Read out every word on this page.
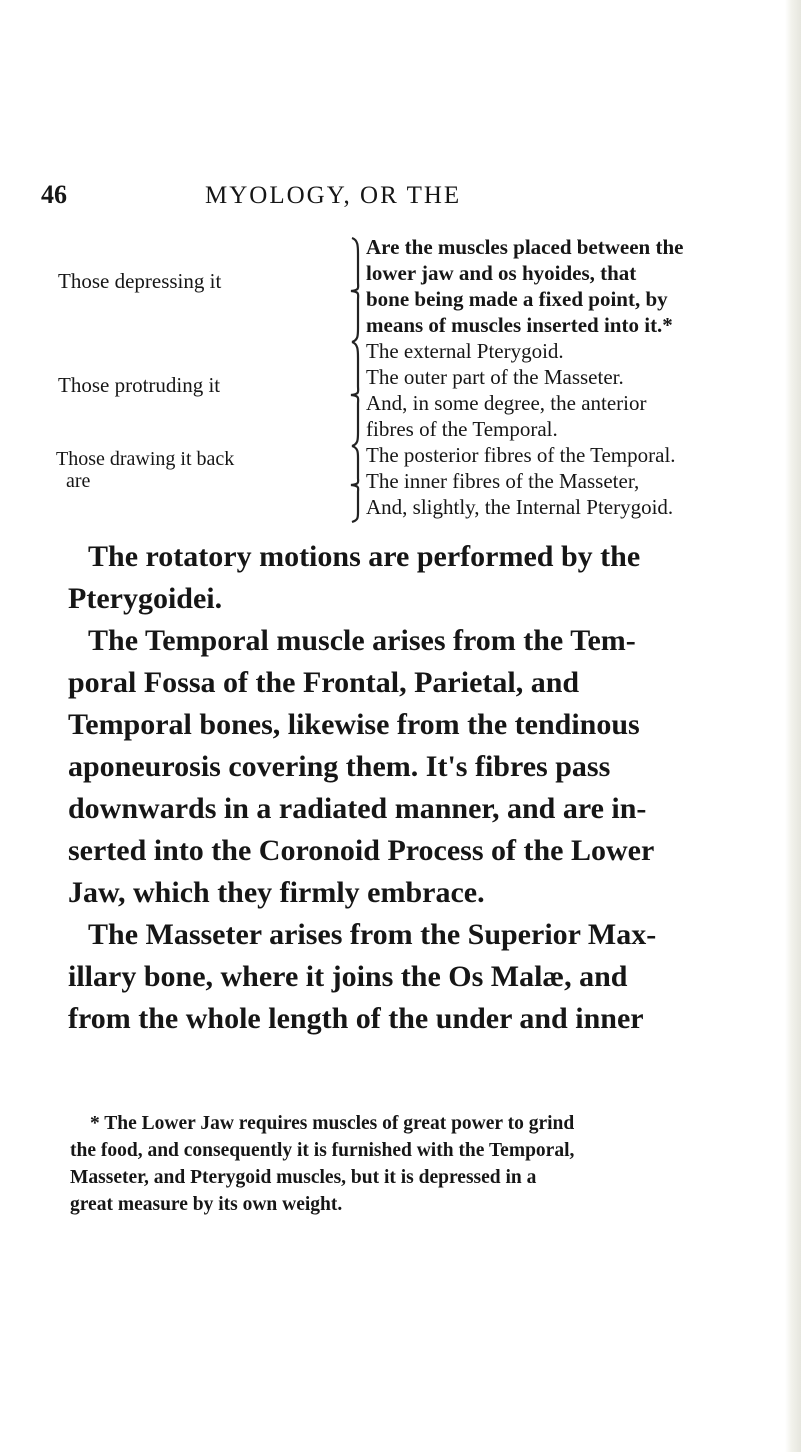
46	MYOLOGY, OR THE
Those depressing it
Are the muscles placed between the
lower jaw and os hyoides, that
bone being made a fixed point, by
means of muscles inserted into it.*
Those protruding it
The external Pterygoid.
The outer part of the Masseter.
And, in some degree, the anterior
fibres of the Temporal.
Those drawing it back
are
The posterior fibres of the Temporal.
The inner fibres of the Masseter,
And, slightly, the Internal Pterygoid.
The rotatory motions are performed by the
Pterygoidei.
The Temporal muscle arises from the Tem-
poral Fossa of the Frontal, Parietal, and
Temporal bones, likewise from the tendinous
aponeurosis covering them. It's fibres pass
downwards in a radiated manner, and are in-
serted into the Coronoid Process of the Lower
Jaw, which they firmly embrace.
The Masseter arises from the Superior Max-
illary bone, where it joins the Os Malæ, and
from the whole length of the under and inner
* The Lower Jaw requires muscles of great power to grind
the food, and consequently it is furnished with the Temporal,
Masseter, and Pterygoid muscles, but it is depressed in a
great measure by its own weight.
